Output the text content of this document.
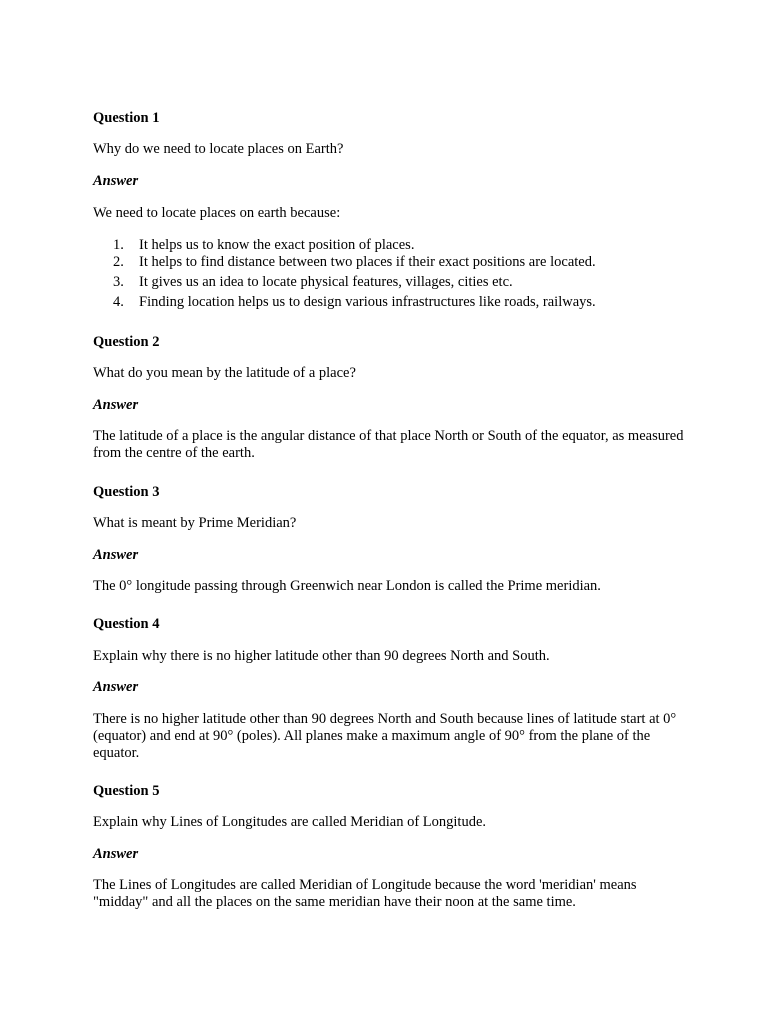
Question 1
Why do we need to locate places on Earth?
Answer
We need to locate places on earth because:
1. It helps us to know the exact position of places.
2. It helps to find distance between two places if their exact positions are located.
3. It gives us an idea to locate physical features, villages, cities etc.
4. Finding location helps us to design various infrastructures like roads, railways.
Question 2
What do you mean by the latitude of a place?
Answer
The latitude of a place is the angular distance of that place North or South of the equator, as measured from the centre of the earth.
Question 3
What is meant by Prime Meridian?
Answer
The 0° longitude passing through Greenwich near London is called the Prime meridian.
Question 4
Explain why there is no higher latitude other than 90 degrees North and South.
Answer
There is no higher latitude other than 90 degrees North and South because lines of latitude start at 0° (equator) and end at 90° (poles). All planes make a maximum angle of 90° from the plane of the equator.
Question 5
Explain why Lines of Longitudes are called Meridian of Longitude.
Answer
The Lines of Longitudes are called Meridian of Longitude because the word 'meridian' means "midday" and all the places on the same meridian have their noon at the same time.
